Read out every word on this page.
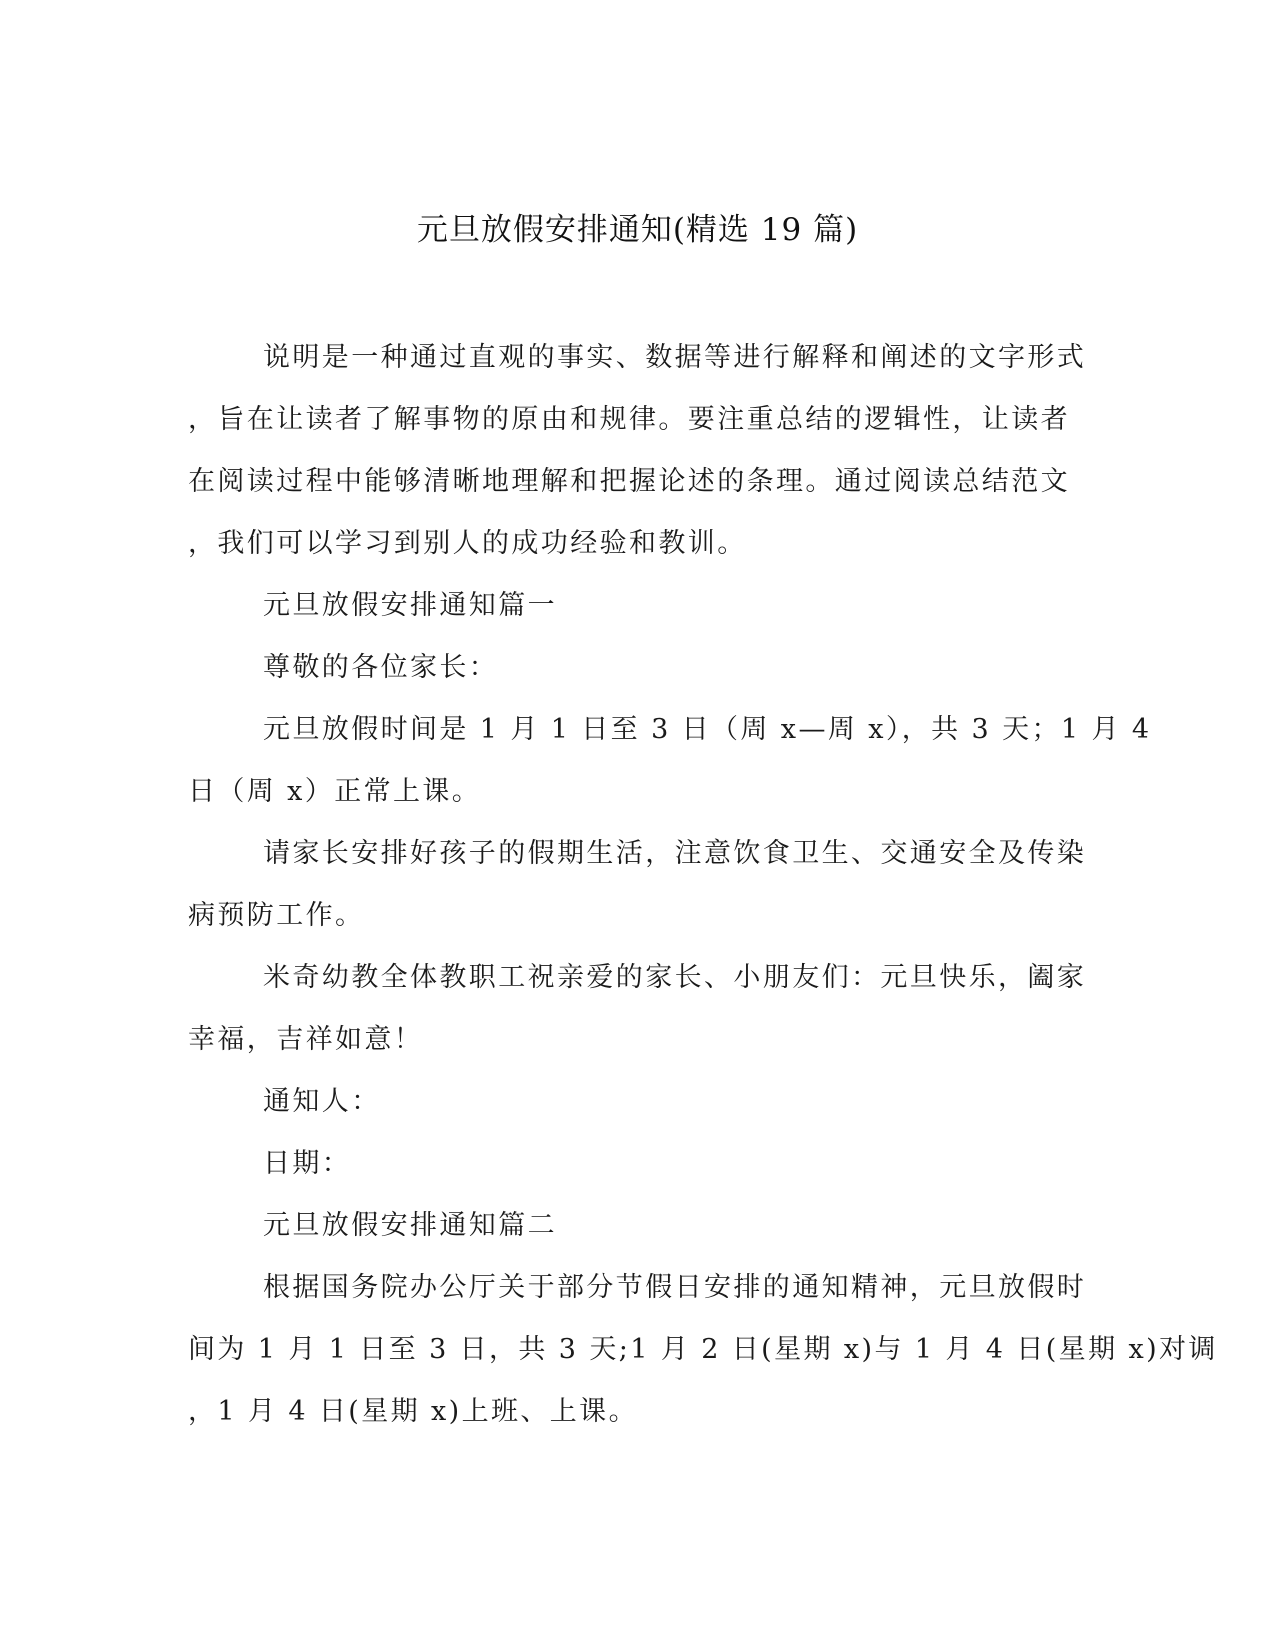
元旦放假安排通知(精选 19 篇)
说明是一种通过直观的事实、数据等进行解释和阐述的文字形式
，旨在让读者了解事物的原由和规律。要注重总结的逻辑性，让读者
在阅读过程中能够清晰地理解和把握论述的条理。通过阅读总结范文
，我们可以学习到别人的成功经验和教训。
元旦放假安排通知篇一
尊敬的各位家长：
元旦放假时间是 1 月 1 日至 3 日（周 x—周 x），共 3 天；1 月 4
日（周 x）正常上课。
请家长安排好孩子的假期生活，注意饮食卫生、交通安全及传染
病预防工作。
米奇幼教全体教职工祝亲爱的家长、小朋友们：元旦快乐，阖家
幸福，吉祥如意！
通知人：
日期：
元旦放假安排通知篇二
根据国务院办公厅关于部分节假日安排的通知精神，元旦放假时
间为 1 月 1 日至 3 日，共 3 天;1 月 2 日(星期 x)与 1 月 4 日(星期 x)对调
，1 月 4 日(星期 x)上班、上课。
